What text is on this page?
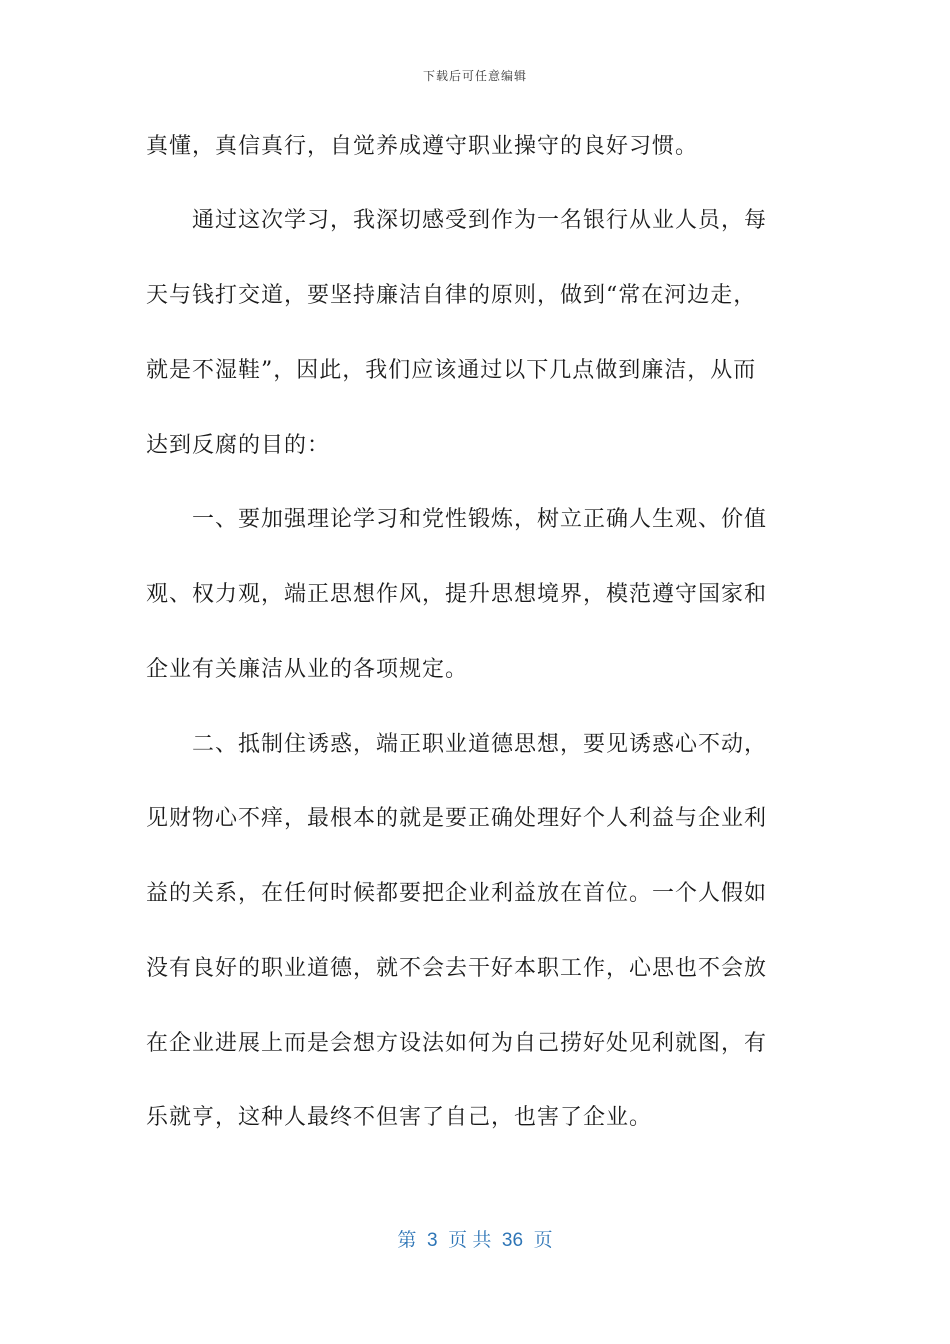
下载后可任意编辑
真懂，真信真行，自觉养成遵守职业操守的良好习惯。
通过这次学习，我深切感受到作为一名银行从业人员，每
天与钱打交道，要坚持廉洁自律的原则，做到“常在河边走，
就是不湿鞋”，因此，我们应该通过以下几点做到廉洁，从而
达到反腐的目的：
一、要加强理论学习和党性锻炼，树立正确人生观、价值
观、权力观，端正思想作风，提升思想境界，模范遵守国家和
企业有关廉洁从业的各项规定。
二、抵制住诱惑，端正职业道德思想，要见诱惑心不动，
见财物心不痒，最根本的就是要正确处理好个人利益与企业利
益的关系，在任何时候都要把企业利益放在首位。一个人假如
没有良好的职业道德，就不会去干好本职工作，心思也不会放
在企业进展上而是会想方设法如何为自己捞好处见利就图，有
乐就亨，这种人最终不但害了自己，也害了企业。
第  3  页 共  36  页
